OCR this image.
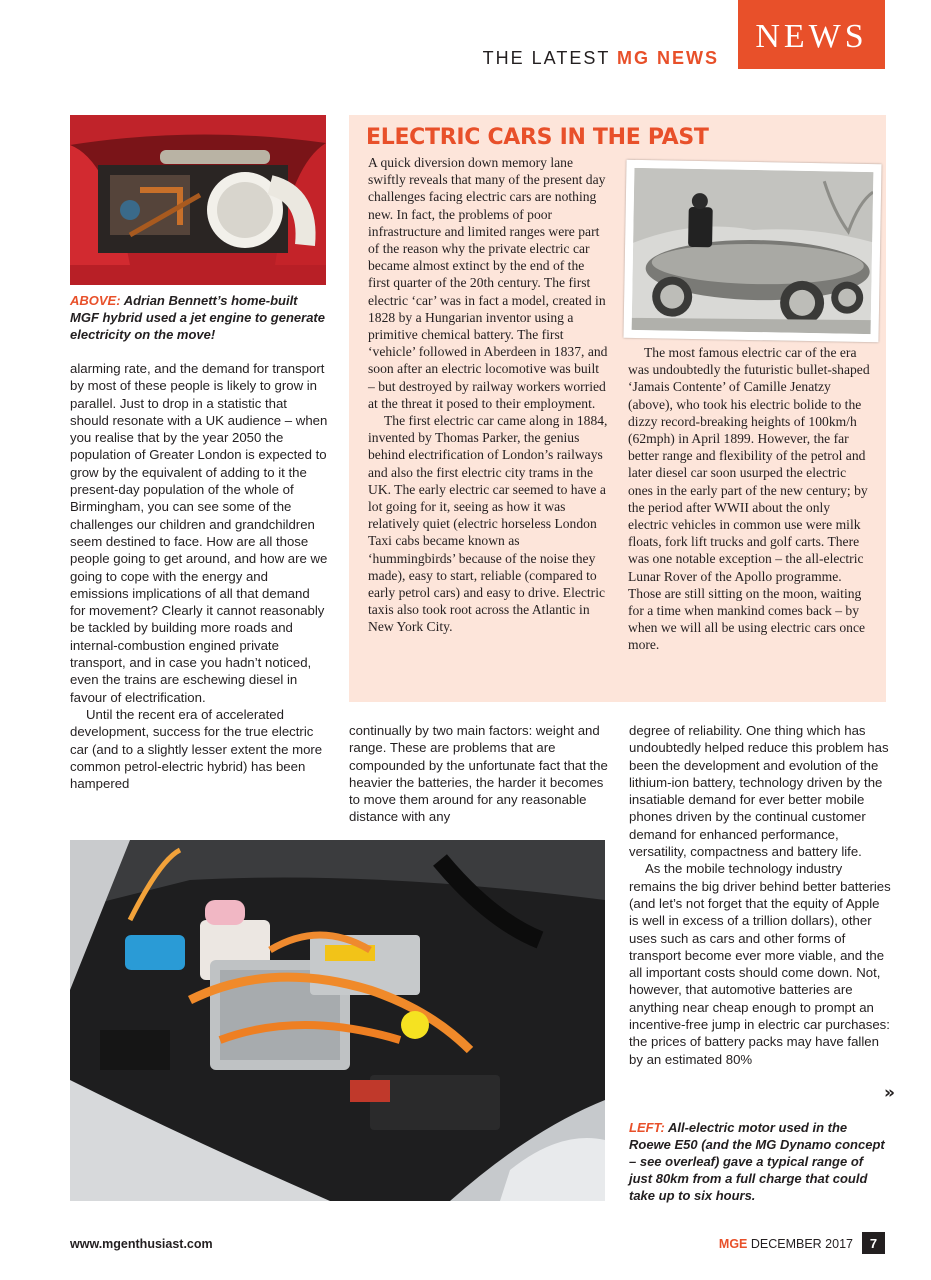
THE LATEST MG NEWS
NEWS
ABOVE: Adrian Bennett’s home-built MGF hybrid used a jet engine to generate electricity on the move!

alarming rate, and the demand for transport by most of these people is likely to grow in parallel. Just to drop in a statistic that should resonate with a UK audience – when you realise that by the year 2050 the population of Greater London is expected to grow by the equivalent of adding to it the present-day population of the whole of Birmingham, you can see some of the challenges our children and grandchildren seem destined to face. How are all those people going to get around, and how are we going to cope with the energy and emissions implications of all that demand for movement? Clearly it cannot reasonably be tackled by building more roads and internal-combustion engined private transport, and in case you hadn’t noticed, even the trains are eschewing diesel in favour of electrification.

Until the recent era of accelerated development, success for the true electric car (and to a slightly lesser extent the more common petrol-electric hybrid) has been hampered

ELECTRIC CARS IN THE PAST

A quick diversion down memory lane swiftly reveals that many of the present day challenges facing electric cars are nothing new. In fact, the problems of poor infrastructure and limited ranges were part of the reason why the private electric car became almost extinct by the end of the first quarter of the 20th century. The first electric ‘car’ was in fact a model, created in 1828 by a Hungarian inventor using a primitive chemical battery. The first ‘vehicle’ followed in Aberdeen in 1837, and soon after an electric locomotive was built – but destroyed by railway workers worried at the threat it posed to their employment.

The first electric car came along in 1884, invented by Thomas Parker, the genius behind electrification of London’s railways and also the first electric city trams in the UK. The early electric car seemed to have a lot going for it, seeing as how it was relatively quiet (electric horseless London Taxi cabs became known as ‘hummingbirds’ because of the noise they made), easy to start, reliable (compared to early petrol cars) and easy to drive. Electric taxis also took root across the Atlantic in New York City.

The most famous electric car of the era was undoubtedly the futuristic bullet-shaped ‘Jamais Contente’ of Camille Jenatzy (above), who took his electric bolide to the dizzy record-breaking heights of 100km/h (62mph) in April 1899. However, the far better range and flexibility of the petrol and later diesel car soon usurped the electric ones in the early part of the new century; by the period after WWII about the only electric vehicles in common use were milk floats, fork lift trucks and golf carts. There was one notable exception – the all-electric Lunar Rover of the Apollo programme. Those are still sitting on the moon, waiting for a time when mankind comes back – by when we will all be using electric cars once more.

continually by two main factors: weight and range. These are problems that are compounded by the unfortunate fact that the heavier the batteries, the harder it becomes to move them around for any reasonable distance with any

degree of reliability. One thing which has undoubtedly helped reduce this problem has been the development and evolution of the lithium-ion battery, technology driven by the insatiable demand for ever better mobile phones driven by the continual customer demand for enhanced performance, versatility, compactness and battery life.

As the mobile technology industry remains the big driver behind better batteries (and let’s not forget that the equity of Apple is well in excess of a trillion dollars), other uses such as cars and other forms of transport become ever more viable, and the all important costs should come down. Not, however, that automotive batteries are anything near cheap enough to prompt an incentive-free jump in electric car purchases: the prices of battery packs may have fallen by an estimated 80%

»
LEFT: All-electric motor used in the Roewe E50 (and the MG Dynamo concept – see overleaf) gave a typical range of just 80km from a full charge that could take up to six hours.
www.mgenthusiast.com	MGE DECEMBER 2017 7
